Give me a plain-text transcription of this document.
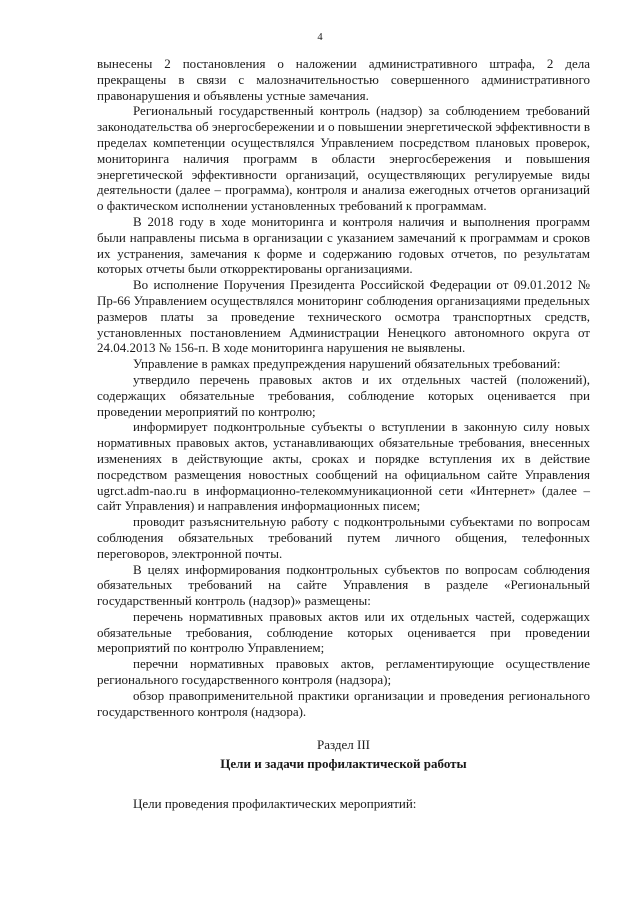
4

вынесены 2 постановления о наложении административного штрафа, 2 дела прекращены в связи с малозначительностью совершенного административного правонарушения и объявлены устные замечания.

Региональный государственный контроль (надзор) за соблюдением требований законодательства об энергосбережении и о повышении энергетической эффективности в пределах компетенции осуществлялся Управлением посредством плановых проверок, мониторинга наличия программ в области энергосбережения и повышения энергетической эффективности организаций, осуществляющих регулируемые виды деятельности (далее – программа), контроля и анализа ежегодных отчетов организаций о фактическом исполнении установленных требований к программам.

В 2018 году в ходе мониторинга и контроля наличия и выполнения программ были направлены письма в организации с указанием замечаний к программам и сроков их устранения, замечания к форме и содержанию годовых отчетов, по результатам которых отчеты были откорректированы организациями.

Во исполнение Поручения Президента Российской Федерации от 09.01.2012 № Пр-66 Управлением осуществлялся мониторинг соблюдения организациями предельных размеров платы за проведение технического осмотра транспортных средств, установленных постановлением Администрации Ненецкого автономного округа от 24.04.2013 № 156-п. В ходе мониторинга нарушения не выявлены.

Управление в рамках предупреждения нарушений обязательных требований:

утвердило перечень правовых актов и их отдельных частей (положений), содержащих обязательные требования, соблюдение которых оценивается при проведении мероприятий по контролю;

информирует подконтрольные субъекты о вступлении в законную силу новых нормативных правовых актов, устанавливающих обязательные требования, внесенных изменениях в действующие акты, сроках и порядке вступления их в действие посредством размещения новостных сообщений на официальном сайте Управления ugrct.adm-nao.ru в информационно-телекоммуникационной сети «Интернет» (далее – сайт Управления) и направления информационных писем;

проводит разъяснительную работу с подконтрольными субъектами по вопросам соблюдения обязательных требований путем личного общения, телефонных переговоров, электронной почты.

В целях информирования подконтрольных субъектов по вопросам соблюдения обязательных требований на сайте Управления в разделе «Региональный государственный контроль (надзор)» размещены:

перечень нормативных правовых актов или их отдельных частей, содержащих обязательные требования, соблюдение которых оценивается при проведении мероприятий по контролю Управлением;

перечни нормативных правовых актов, регламентирующие осуществление регионального государственного контроля (надзора);

обзор правоприменительной практики организации и проведения регионального государственного контроля (надзора).

Раздел III
Цели и задачи профилактической работы

Цели проведения профилактических мероприятий:
